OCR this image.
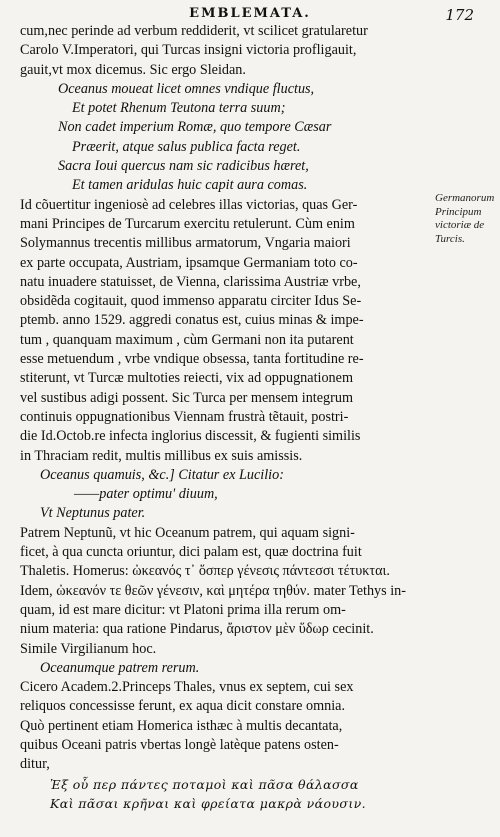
EMBLEMATA.	172
cum,nec perinde ad verbum reddiderit, vt scilicet gratularetur
Carolo V.Imperatori, qui Turcas insigni victoria profligauit,
gauit,vt mox dicemus. Sic ergo Sleidan.
Oceanus moueat licet omnes vndique fluctus,
Et potet Rhenum Teutona terra suum;
Non cadet imperium Romæ, quo tempore Cæsar
Præerit, atque salus publica facta reget.
Sacra Ioui quercus nam sic radicibus hæret,
Et tamen aridulas huic capit aura comas.
Id cõuertitur ingeniosè ad celebres illas victorias, quas Ger-
mani Principes de Turcarum exercitu retulerunt. Cùm enim
Solymannus trecentis millibus armatorum, Vngaria maiori
ex parte occupata, Austriam, ipsamque Germaniam toto co-
natu inuadere statuisset, de Vienna, clarissima Austriæ vrbe,
obsidẽda cogitauit, quod immenso apparatu circiter Idus Se-
ptemb. anno 1529. aggredi conatus est, cuius minas & impe-
tum , quanquam maximum , cùm Germani non ita putarent
esse metuendum , vrbe vndique obsessa, tanta fortitudine re-
stiterunt, vt Turcæ multoties reiecti, vix ad oppugnationem
vel sustibus adigi possent. Sic Turca per mensem integrum
continuis oppugnationibus Viennam frustrà tẽtauit, postri-
die Id.Octob.re infecta inglorius discessit, & fugienti similis
in Thraciam redit, multis millibus ex suis amissis.
Oceanus quamuis, &c.] Citatur ex Lucilio:
——pater optimu' diuum,
Vt Neptunus pater.
Patrem Neptunũ, vt hic Oceanum patrem, qui aquam signi-
ficet, à qua cuncta oriuntur, dici palam est, quæ doctrina fuit
Thaletis. Homerus: ὠκεανός τ᾽ ὅσπερ γένεσις πάντεσσι τέτυκται.
Idem, ὠκεανόν τε θεῶν γένεσιν, καὶ μητέρα τηθύν. mater Tethys in-
quam, id est mare dicitur: vt Platoni prima illa rerum om-
nium materia: qua ratione Pindarus, ἄριστον μὲν ὕδωρ cecinit.
Simile Virgilianum hoc.
Oceanumque patrem rerum.
Cicero Academ.2.Princeps Thales, vnus ex septem, cui sex
reliquos concessisse ferunt, ex aqua dicit constare omnia.
Quò pertinent etiam Homerica isthæc à multis decantata,
quibus Oceani patris vbertas longè latèque patens osten-
ditur,
Ἐξ οὗ περ πάντες ποταμοὶ καὶ πᾶσα θάλασσα
Καὶ πᾶσαι κρῆναι καὶ φρείατα μακρὰ νάουσιν.
Germanorum
Principum
victoriæ de
Turcis.
